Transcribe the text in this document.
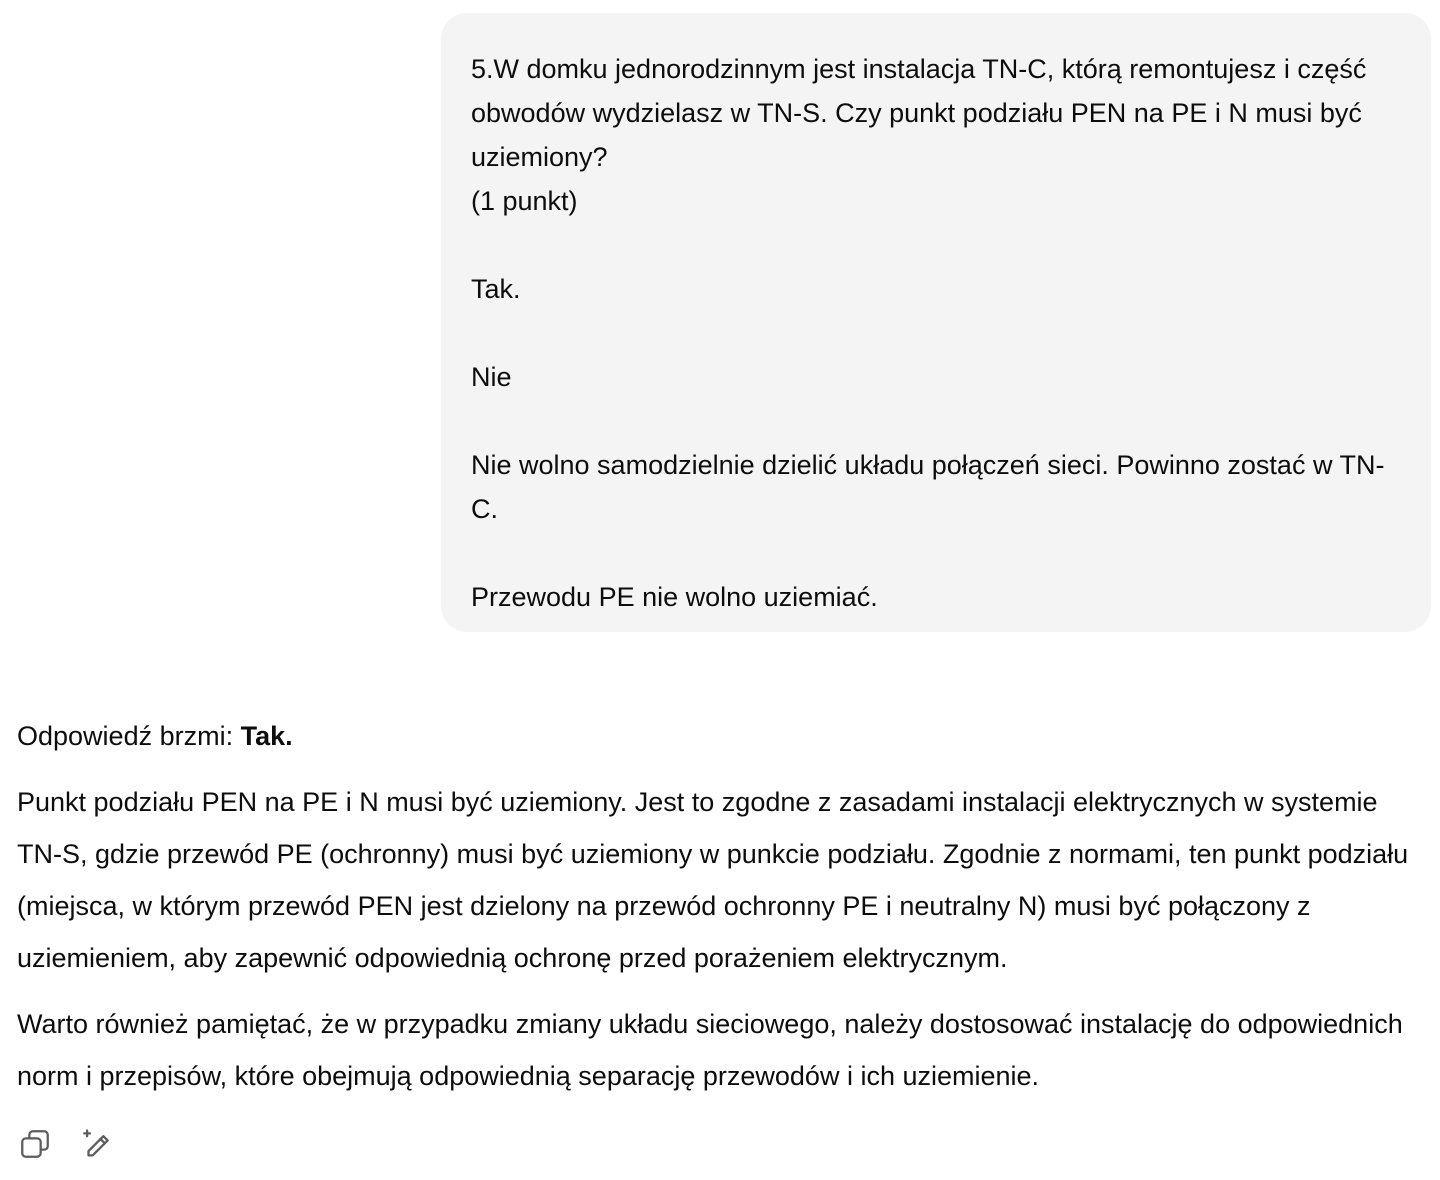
5.W domku jednorodzinnym jest instalacja TN-C, którą remontujesz i część obwodów wydzielasz w TN-S. Czy punkt podziału PEN na PE i N musi być uziemiony?

(1 punkt)

Tak.

Nie

Nie wolno samodzielnie dzielić układu połączeń sieci. Powinno zostać w TN-C.

Przewodu PE nie wolno uziemiać.

Odpowiedź brzmi: Tak.

Punkt podziału PEN na PE i N musi być uziemiony. Jest to zgodne z zasadami instalacji elektrycznych w systemie TN-S, gdzie przewód PE (ochronny) musi być uziemiony w punkcie podziału. Zgodnie z normami, ten punkt podziału (miejsca, w którym przewód PEN jest dzielony na przewód ochronny PE i neutralny N) musi być połączony z uziemieniem, aby zapewnić odpowiednią ochronę przed porażeniem elektrycznym.

Warto również pamiętać, że w przypadku zmiany układu sieciowego, należy dostosować instalację do odpowiednich norm i przepisów, które obejmują odpowiednią separację przewodów i ich uziemienie.
